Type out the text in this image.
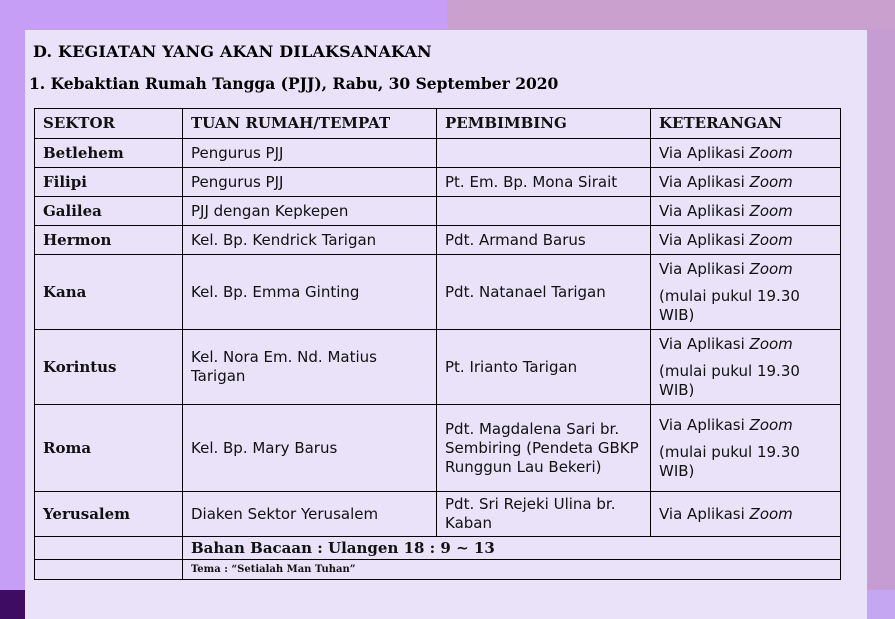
D. KEGIATAN YANG AKAN DILAKSANAKAN
1. Kebaktian Rumah Tangga (PJJ), Rabu, 30 September 2020
SEKTOR	TUAN RUMAH/TEMPAT	PEMBIMBING	KETERANGAN
Betlehem	Pengurus PJJ		Via Aplikasi Zoom
Filipi	Pengurus PJJ	Pt. Em. Bp. Mona Sirait	Via Aplikasi Zoom
Galilea	PJJ dengan Kepkepen		Via Aplikasi Zoom
Hermon	Kel. Bp. Kendrick Tarigan	Pdt. Armand Barus	Via Aplikasi Zoom
Kana	Kel. Bp. Emma Ginting	Pdt. Natanael Tarigan	Via Aplikasi Zoom
(mulai pukul 19.30 WIB)

Korintus	Kel. Nora Em. Nd. Matius Tarigan	Pt. Irianto Tarigan	Via Aplikasi Zoom
(mulai pukul 19.30 WIB)

Roma	Kel. Bp. Mary Barus	Pdt. Magdalena Sari br. Sembiring (Pendeta GBKP Runggun Lau Bekeri)	Via Aplikasi Zoom
(mulai pukul 19.30 WIB)

Yerusalem	Diaken Sektor Yerusalem	Pdt. Sri Rejeki Ulina br. Kaban	Via Aplikasi Zoom
	Bahan Bacaan : Ulangen 18 : 9 ~ 13		
	Tema : “Setialah Man Tuhan”		
